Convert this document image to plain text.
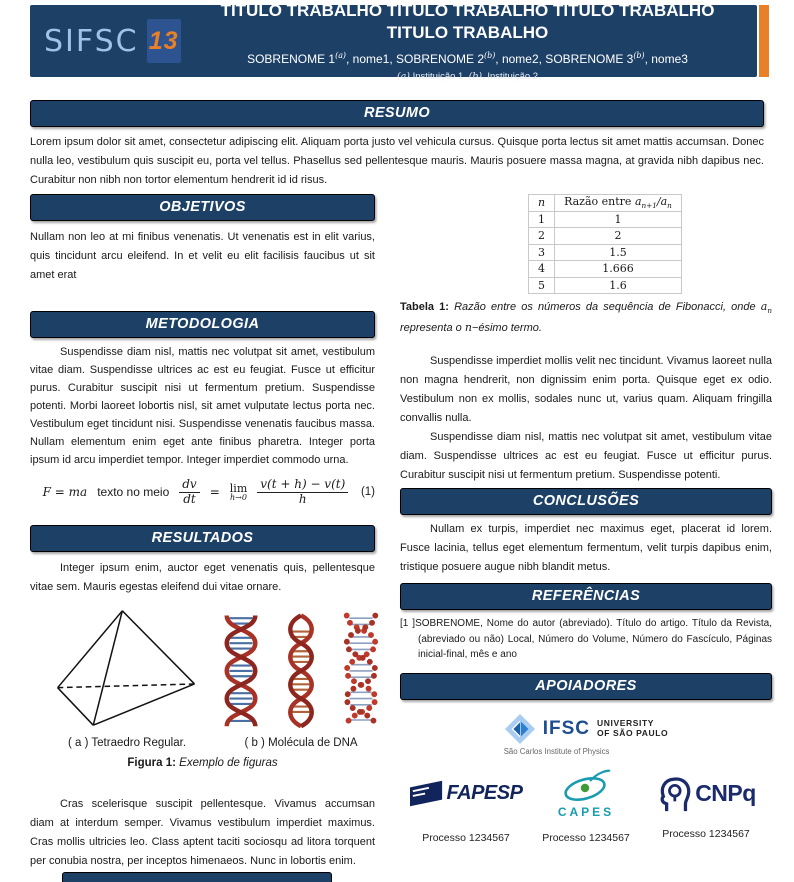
SIFSC 13
TITULO TRABALHO TITULO TRABALHO TITULO TRABALHO
TITULO TRABALHO
SOBRENOME 1$^{(a)}$, nome1, SOBRENOME 2$^{(b)}$, nome2, SOBRENOME 3$^{(b)}$, nome3
(a) Instituição 1, (b). Instituição 2
RESUMO

Lorem ipsum dolor sit amet, consectetur adipiscing elit. Aliquam porta justo vel vehicula cursus. Quisque porta lectus sit amet mattis accumsan. Donec nulla leo, vestibulum quis suscipit eu, porta vel tellus. Phasellus sed pellentesque mauris. Mauris posuere massa magna, at gravida nibh dapibus nec. Curabitur non nibh non tortor elementum hendrerit id id risus.

OBJETIVOS

Nullam non leo at mi finibus venenatis. Ut venenatis est in elit varius, quis tincidunt arcu eleifend. In et velit eu elit facilisis faucibus ut sit amet erat

METODOLOGIA

Suspendisse diam nisl, mattis nec volutpat sit amet, vestibulum vitae diam. Suspendisse ultrices ac est eu feugiat. Fusce ut efficitur purus. Curabitur suscipit nisi ut fermentum pretium. Suspendisse potenti. Morbi laoreet lobortis nisl, sit amet vulputate lectus porta nec. Vestibulum eget tincidunt nisi. Suspendisse venenatis faucibus massa. Nullam elementum enim eget ante finibus pharetra. Integer porta ipsum id arcu imperdiet tempor. Integer imperdiet commodo urna.

F = ma texto no meio $\frac{dv}{dt} = \lim$
$h\to 0 \frac{v(t + h) - v(t)}{h} (1)$
RESULTADOS

Integer ipsum enim, auctor eget venenatis quis, pellentesque vitae sem. Mauris egestas eleifend dui vitae ornare.

( a ) Tetraedro Regular.	( b ) Molécula de DNA
Figura 1: Exemplo de figuras

Cras scelerisque suscipit pellentesque. Vivamus accumsan diam at interdum semper. Vivamus vestibulum imperdiet maximus. Cras mollis ultricies leo. Class aptent taciti sociosqu ad litora torquent per conubia nostra, per inceptos himenaeos. Nunc in lobortis enim.

n	Razão entre $a_{n+1}/a_n$
1	1
2	2
3	1.5
4	1.666
5	1.6
Tabela 1: Razão entre os números da sequência de Fibonacci, onde $a_n$ representa o n−ésimo termo.

Suspendisse imperdiet mollis velit nec tincidunt. Vivamus laoreet nulla non magna hendrerit, non dignissim enim porta. Quisque eget ex odio. Vestibulum non ex mollis, sodales nunc ut, varius quam. Aliquam fringilla convallis nulla.

Suspendisse diam nisl, mattis nec volutpat sit amet, vestibulum vitae diam. Suspendisse ultrices ac est eu feugiat. Fusce ut efficitur purus. Curabitur suscipit nisi ut fermentum pretium. Suspendisse potenti.

CONCLUSÕES

Nullam ex turpis, imperdiet nec maximus eget, placerat id lorem. Fusce lacinia, tellus eget elementum fermentum, velit turpis dapibus enim, tristique posuere augue nibh blandit metus.

REFERÊNCIAS

[1 ]SOBRENOME, Nome do autor (abreviado). Título do artigo. Título da Revista, (abreviado ou não) Local, Número do Volume, Número do Fascículo, Páginas inicial-final, mês e ano

APOIADORES
IFSC UNIVERSITY
OF SÃO PAULO
São Carlos Institute of Physics
FAPESP
Processo 1234567
CAPES
Processo 1234567
CNPq
Processo 1234567
